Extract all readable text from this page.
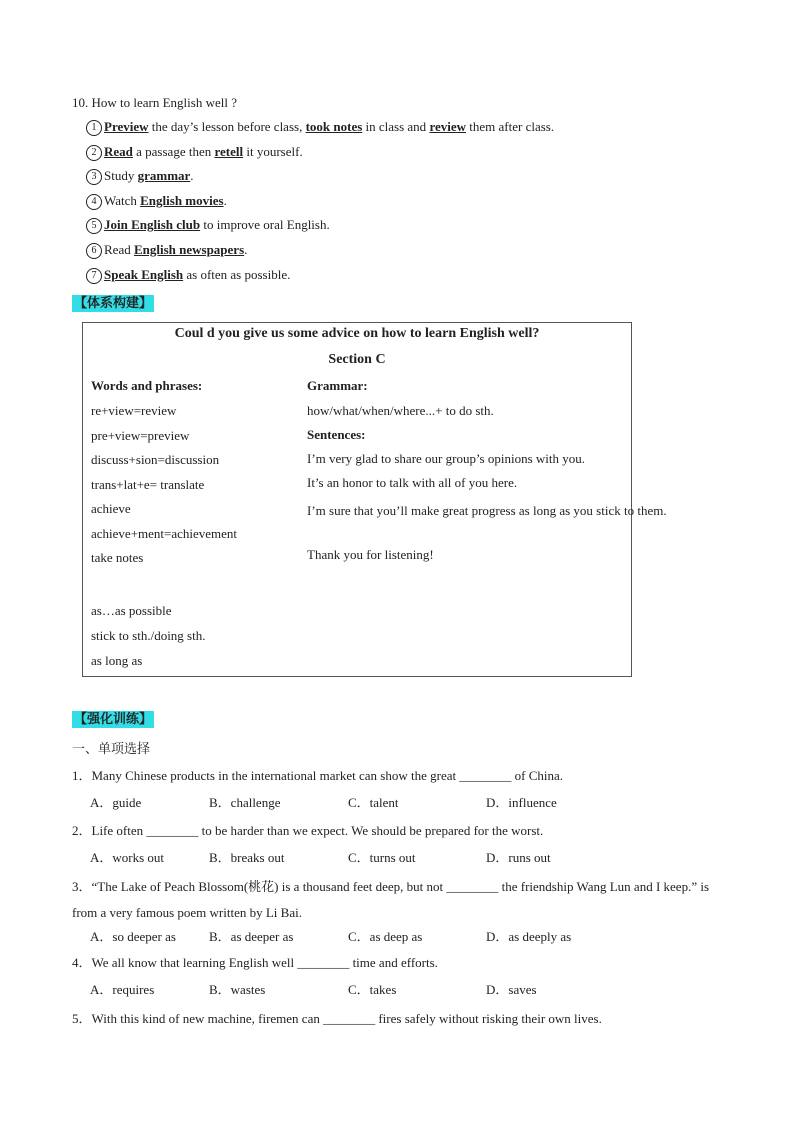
10. How to learn English well ?
1 Preview the day’s lesson before class, took notes in class and review them after class.
2 Read a passage then retell it yourself.
3 Study grammar.
4 Watch English movies.
5 Join English club to improve oral English.
6 Read English newspapers.
7 Speak English as often as possible.
【体系构建】
Coul d you give us some advice on how to learn English well?
Section C
Words and phrases:
re+view=review
pre+view=preview
discuss+sion=discussion
trans+lat+e= translate
achieve
achieve+ment=achievement
take notes
as…as possible
stick to sth./doing sth.
as long as
Grammar:
how/what/when/where...+ to do sth.
Sentences:
I’m very glad to share our group’s opinions with you.
It’s an honor to talk with all of you here.
I’m sure that you’ll make great progress as long as you stick to them.
Thank you for listening!
【强化训练】
一、单项选择
1．Many Chinese products in the international market can show the great ________ of China.
A．guide	B．challenge	C．talent	D．influence
2．Life often ________ to be harder than we expect. We should be prepared for the worst.
A．works out	B．breaks out	C．turns out	D．runs out
3．“The Lake of Peach Blossom(桃花) is a thousand feet deep, but not ________ the friendship Wang Lun and I keep.” is from a very famous poem written by Li Bai.
A．so deeper as	B．as deeper as	C．as deep as	D．as deeply as
4．We all know that learning English well ________ time and efforts.
A．requires	B．wastes	C．takes	D．saves
5．With this kind of new machine, firemen can ________ fires safely without risking their own lives.
